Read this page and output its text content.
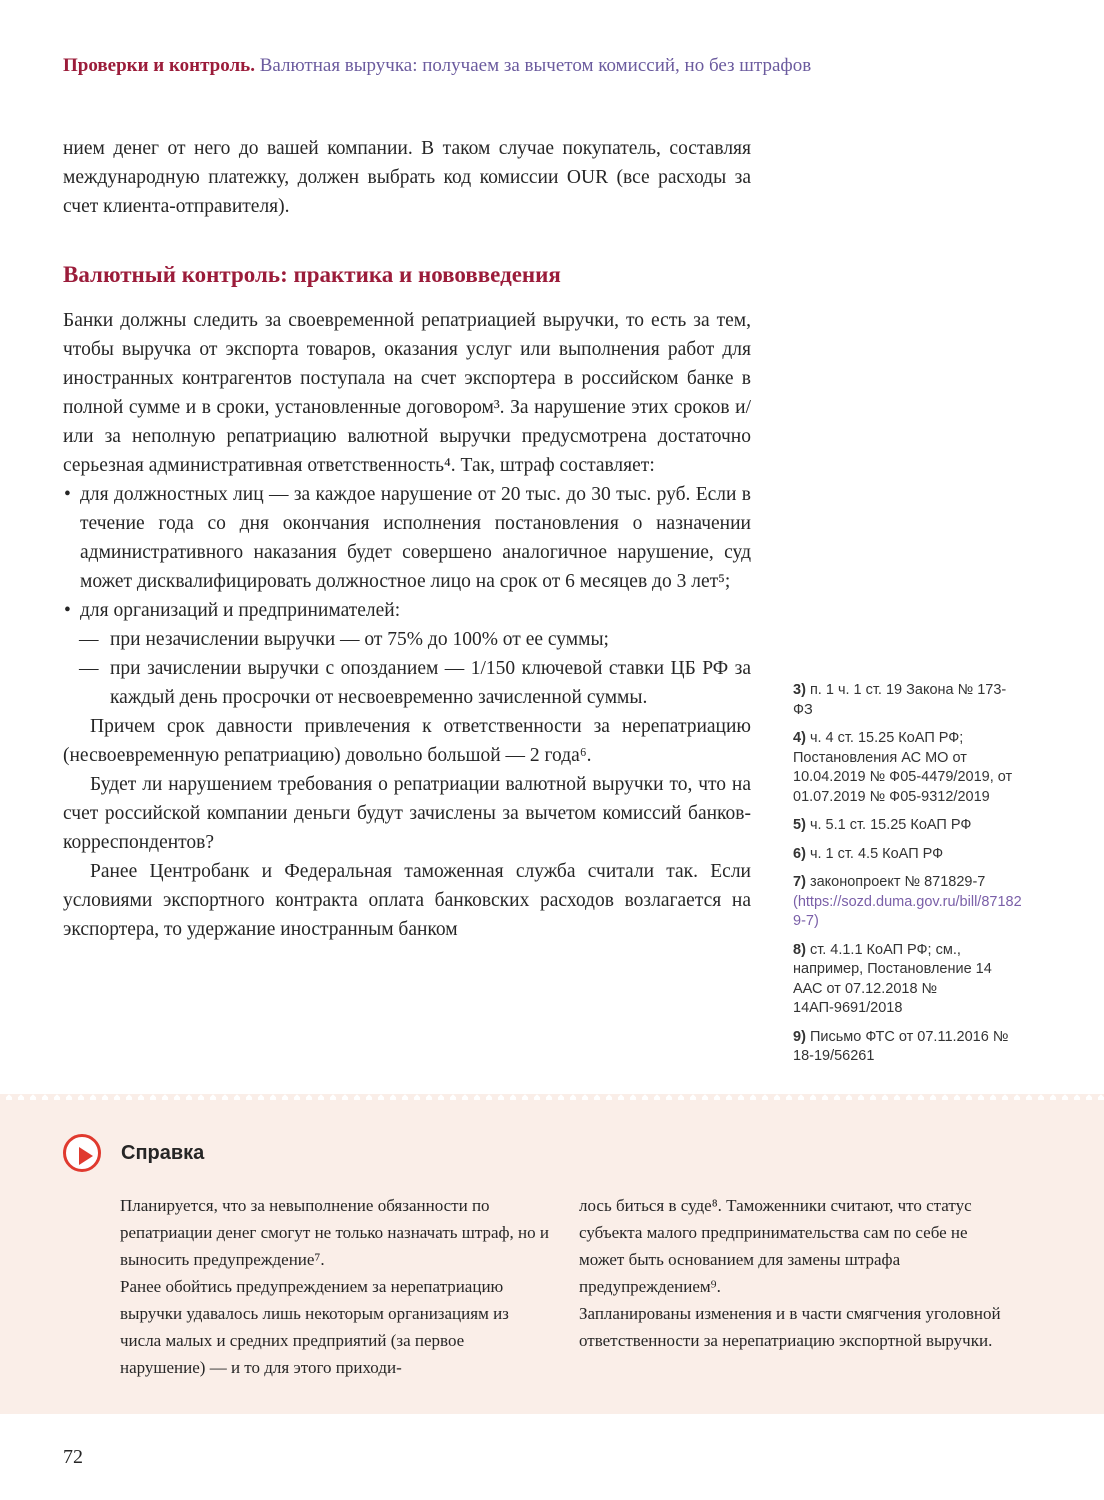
Проверки и контроль. Валютная выручка: получаем за вычетом комиссий, но без штрафов

нием денег от него до вашей компании. В таком случае покупатель, составляя международную платежку, должен выбрать код комиссии OUR (все расходы за счет клиента-отправителя).

Валютный контроль: практика и нововведения

Банки должны следить за своевременной репатриацией выручки, то есть за тем, чтобы выручка от экспорта товаров, оказания услуг или выполнения работ для иностранных контрагентов поступала на счет экспортера в российском банке в полной сумме и в сроки, установленные договором³. За нарушение этих сроков и/или за неполную репатриацию валютной выручки предусмотрена достаточно серьезная административная ответственность⁴. Так, штраф составляет:

• для должностных лиц — за каждое нарушение от 20 тыс. до 30 тыс. руб. Если в течение года со дня окончания исполнения постановления о назначении административного наказания будет совершено аналогичное нарушение, суд может дисквалифицировать должностное лицо на срок от 6 месяцев до 3 лет⁵;

• для организаций и предпринимателей:

— при незачислении выручки — от 75% до 100% от ее суммы;

— при зачислении выручки с опозданием — 1/150 ключевой ставки ЦБ РФ за каждый день просрочки от несвоевременно зачисленной суммы.

Причем срок давности привлечения к ответственности за нерепатриацию (несвоевременную репатриацию) довольно большой — 2 года⁶.

Будет ли нарушением требования о репатриации валютной выручки то, что на счет российской компании деньги будут зачислены за вычетом комиссий банков-корреспондентов?

Ранее Центробанк и Федеральная таможенная служба считали так. Если условиями экспортного контракта оплата банковских расходов возлагается на экспортера, то удержание иностранным банком

3) п. 1 ч. 1 ст. 19 Закона № 173-ФЗ

4) ч. 4 ст. 15.25 КоАП РФ; Постановления АС МО от 10.04.2019 № Ф05-4479/2019, от 01.07.2019 № Ф05-9312/2019

5) ч. 5.1 ст. 15.25 КоАП РФ

6) ч. 1 ст. 4.5 КоАП РФ

7) законопроект № 871829-7 (https://sozd.duma.gov.ru/bill/871829-7)

8) ст. 4.1.1 КоАП РФ; см., например, Постановление 14 ААС от 07.12.2018 № 14АП-9691/2018

9) Письмо ФТС от 07.11.2016 № 18-19/56261

Справка

Планируется, что за невыполнение обязанности по репатриации денег смогут не только назначать штраф, но и выносить предупреждение⁷.

Ранее обойтись предупреждением за нерепатриацию выручки удавалось лишь некоторым организациям из числа малых и средних предприятий (за первое нарушение) — и то для этого приходи-

лось биться в суде⁸. Таможенники считают, что статус субъекта малого предпринимательства сам по себе не может быть основанием для замены штрафа предупреждением⁹.

Запланированы изменения и в части смягчения уголовной ответственности за нерепатриацию экспортной выручки.

72
